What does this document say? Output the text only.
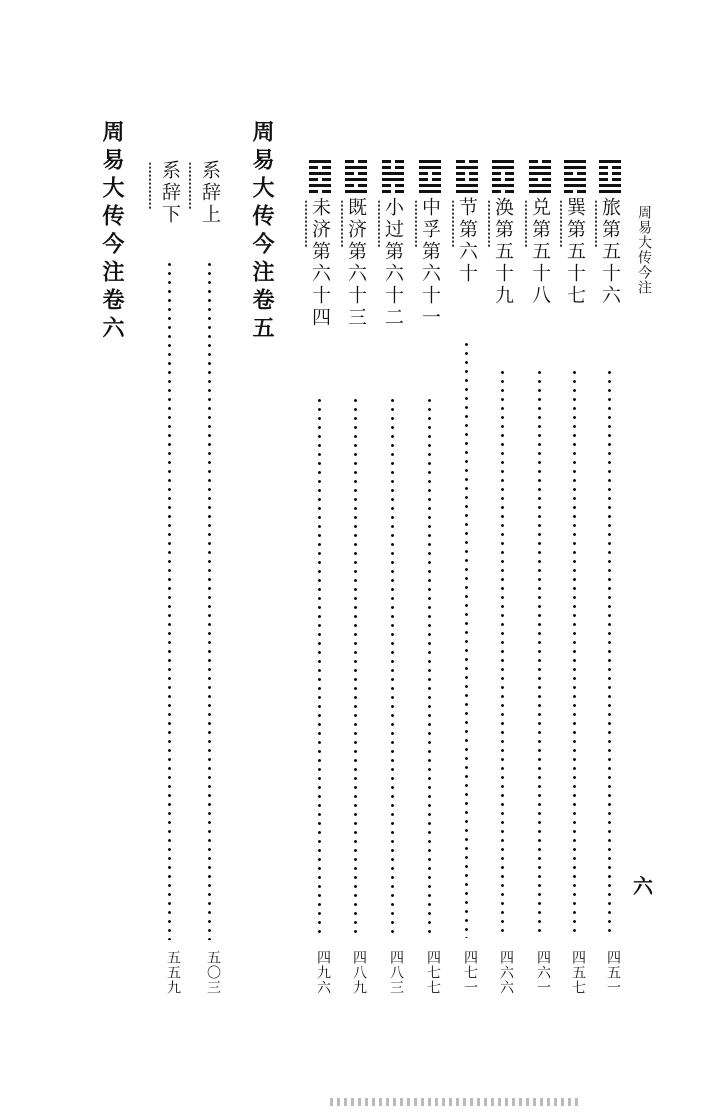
周易大传今注
六
周易大传今注卷五
周易大传今注卷六	旅第五十六
四五一
巽第五十七
四五七
兑第五十八
四六一
涣第五十九
四六六
节第六十
四七一
中孚第六十一
四七七
小过第六十二
四八三
既济第六十三
四八九
未济第六十四
四九六
系辞上
五〇三
系辞下
五五九
